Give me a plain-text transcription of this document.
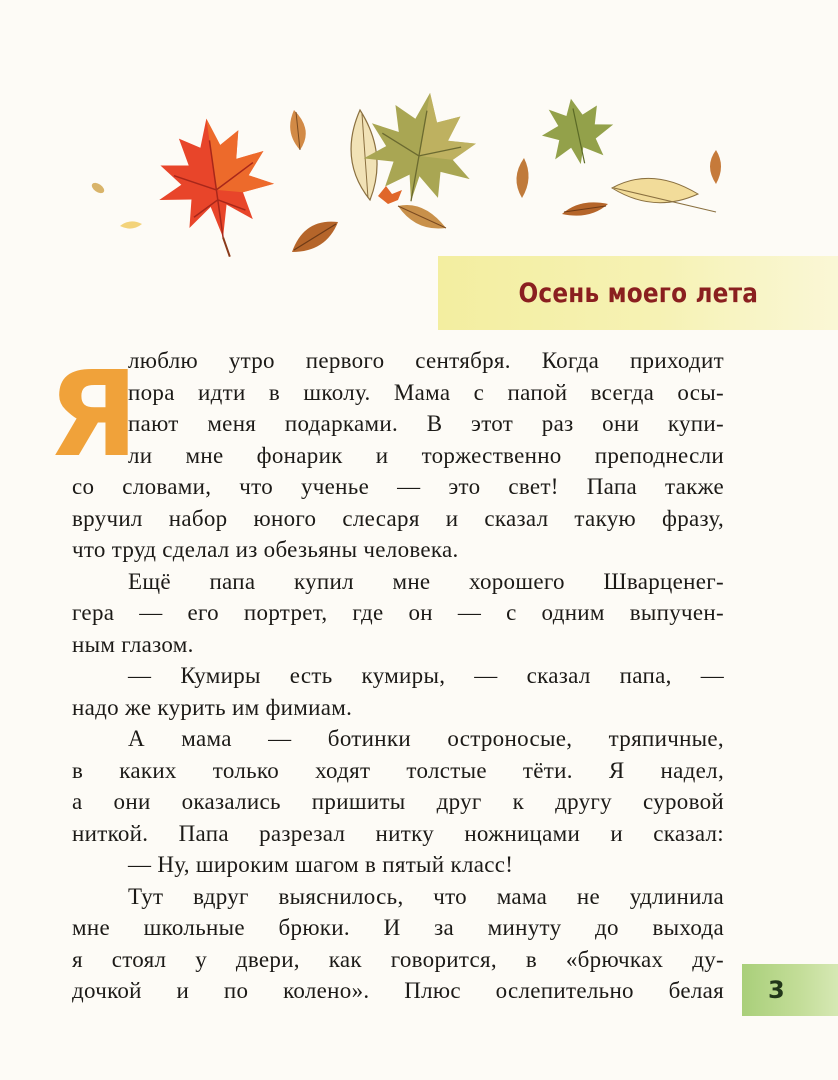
Осень моего лета
Я
люблю утро первого сентября. Когда приходит
пора идти в школу. Мама с папой всегда осы-
пают меня подарками. В этот раз они купи-
ли мне фонарик и торжественно преподнесли
со словами, что ученье — это свет! Папа также
вручил набор юного слесаря и сказал такую фразу,
что труд сделал из обезьяны человека.
Ещё папа купил мне хорошего Шварценег-
гера — его портрет, где он — с одним выпучен-
ным глазом.
— Кумиры есть кумиры, — сказал папа, —
надо же курить им фимиам.
А мама — ботинки остроносые, тряпичные,
в каких только ходят толстые тёти. Я надел,
а они оказались пришиты друг к другу суровой
ниткой. Папа разрезал нитку ножницами и сказал:
— Ну, широким шагом в пятый класс!
Тут вдруг выяснилось, что мама не удлинила
мне школьные брюки. И за минуту до выхода
я стоял у двери, как говорится, в «брючках ду-
дочкой и по колено». Плюс ослепительно белая 3
